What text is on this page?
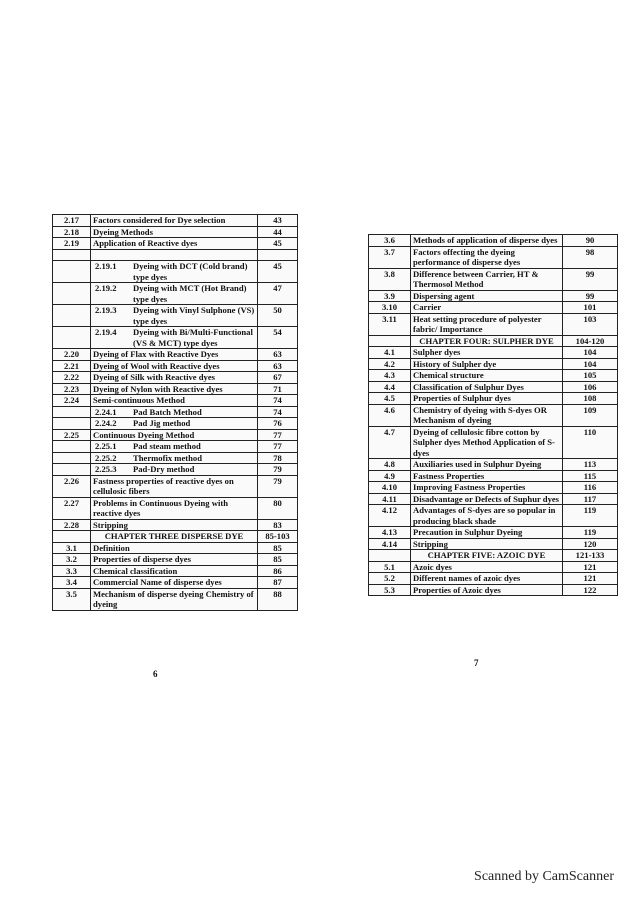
2.17	Factors considered for Dye selection	43
2.18	Dyeing Methods	44
2.19	Application of Reactive dyes	45

	2.19.1 Dyeing with DCT (Cold brand) type dyes	45

	2.19.2 Dyeing with MCT (Hot Brand) type dyes	47

	2.19.3 Dyeing with Vinyl Sulphone (VS) type dyes	50

	2.19.4 Dyeing with Bi/Multi-Functional (VS & MCT) type dyes	54
2.20	Dyeing of Flax with Reactive Dyes	63
2.21	Dyeing of Wool with Reactive dyes	63
2.22	Dyeing of Silk with Reactive dyes	67
2.23	Dyeing of Nylon with Reactive dyes	71
2.24	Semi-continuous Method	74

	2.24.1 Pad Batch Method	74

	2.24.2 Pad Jig method	76
2.25	Continuous Dyeing Method	77

	2.25.1 Pad steam method	77

	2.25.2 Thermofix method	78

	2.25.3 Pad-Dry method	79
2.26	Fastness properties of reactive dyes on cellulosic fibers	79
2.27	Problems in Continuous Dyeing with reactive dyes	80
2.28	Stripping	83
	CHAPTER THREE DISPERSE DYE	85-103
3.1	Definition	85
3.2	Properties of disperse dyes	85
3.3	Chemical classification	86
3.4	Commercial Name of disperse dyes	87
3.5	Mechanism of disperse dyeing Chemistry of dyeing	88
6
3.6	Methods of application of disperse dyes	90
3.7	Factors offecting the dyeing performance of disperse dyes	98
3.8	Difference between Carrier, HT & Thermosol Method	99
3.9	Dispersing agent	99
3.10	Carrier	101
3.11	Heat setting procedure of polyester fabric/ Importance	103
	CHAPTER FOUR: SULPHER DYE	104-120
4.1	Sulpher dyes	104
4.2	History of Sulpher dye	104
4.3	Chemical structure	105
4.4	Classification of Sulphur Dyes	106
4.5	Properties of Sulphur dyes	108
4.6	Chemistry of dyeing with S-dyes OR Mechanism of dyeing	109
4.7	Dyeing of cellulosic fibre cotton by Sulpher dyes Method Application of S-dyes	110
4.8	Auxiliaries used in Sulphur Dyeing	113
4.9	Fastness Properties	115
4.10	Improving Fastness Properties	116
4.11	Disadvantage or Defects of Suphur dyes	117
4.12	Advantages of S-dyes are so popular in producing black shade	119
4.13	Precaution in Sulphur Dyeing	119
4.14	Stripping	120
	CHAPTER FIVE: AZOIC DYE	121-133
5.1	Azoic dyes	121
5.2	Different names of azoic dyes	121
5.3	Properties of Azoic dyes	122
7
Scanned by CamScanner
